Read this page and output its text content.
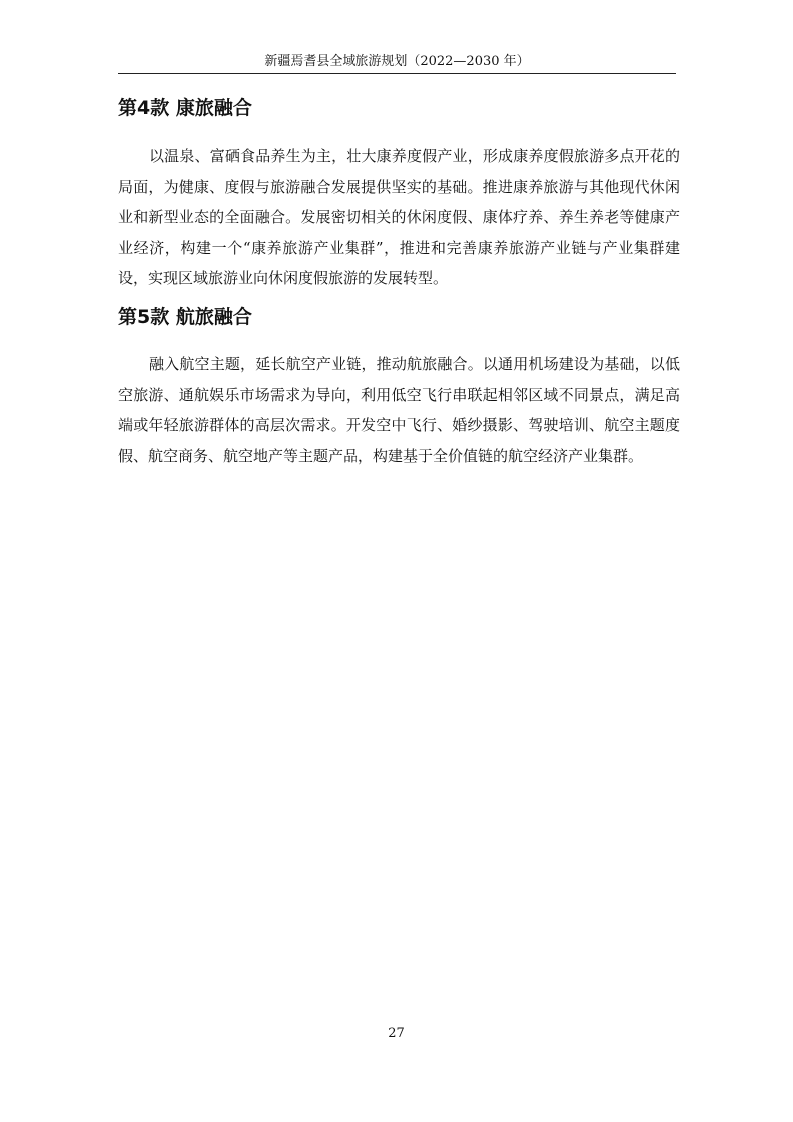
新疆焉耆县全域旅游规划（2022—2030 年）
第4款 康旅融合

以温泉、富硒食品养生为主，壮大康养度假产业，形成康养度假旅游多点开花的局面，为健康、度假与旅游融合发展提供坚实的基础。推进康养旅游与其他现代休闲业和新型业态的全面融合。发展密切相关的休闲度假、康体疗养、养生养老等健康产业经济，构建一个“康养旅游产业集群”，推进和完善康养旅游产业链与产业集群建设，实现区域旅游业向休闲度假旅游的发展转型。

第5款 航旅融合

融入航空主题，延长航空产业链，推动航旅融合。以通用机场建设为基础，以低空旅游、通航娱乐市场需求为导向，利用低空飞行串联起相邻区域不同景点，满足高端或年轻旅游群体的高层次需求。开发空中飞行、婚纱摄影、驾驶培训、航空主题度假、航空商务、航空地产等主题产品，构建基于全价值链的航空经济产业集群。

27
